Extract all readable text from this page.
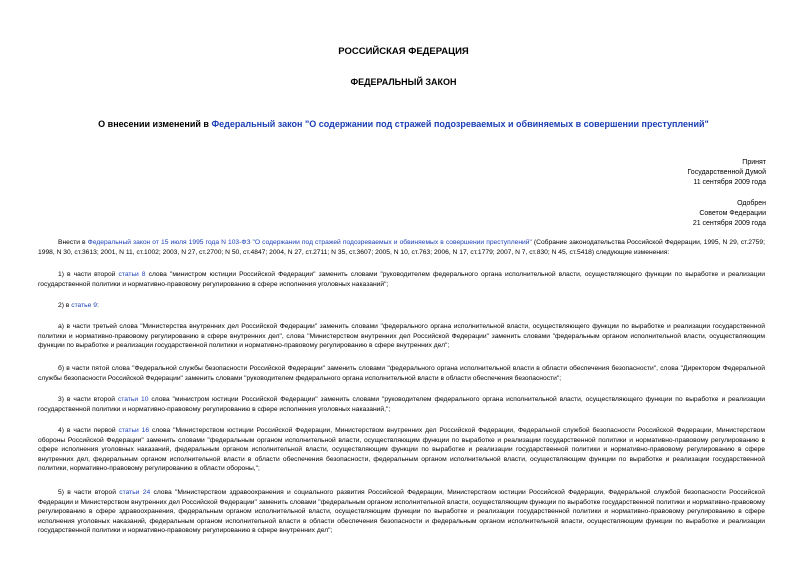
РОССИЙСКАЯ ФЕДЕРАЦИЯ
ФЕДЕРАЛЬНЫЙ ЗАКОН
О внесении изменений в Федеральный закон "О содержании под стражей подозреваемых и обвиняемых в совершении преступлений"
Принят
Государственной Думой
11 сентября 2009 года
Одобрен
Советом Федерации
21 сентября 2009 года
Внести в Федеральный закон от 15 июля 1995 года N 103-ФЗ "О содержании под стражей подозреваемых и обвиняемых в совершении преступлений" (Собрание законодательства Российской Федерации, 1995, N 29, ст.2759; 1998, N 30, ст.3613; 2001, N 11, ст.1002; 2003, N 27, ст.2700; N 50, ст.4847; 2004, N 27, ст.2711; N 35, ст.3607; 2005, N 10, ст.763; 2006, N 17, ст.1779; 2007, N 7, ст.830; N 45, ст.5418) следующие изменения:
1) в части второй статьи 8 слова "министром юстиции Российской Федерации" заменить словами "руководителем федерального органа исполнительной власти, осуществляющего функции по выработке и реализации государственной политики и нормативно-правовому регулированию в сфере исполнения уголовных наказаний";
2) в статье 9:
а) в части третьей слова "Министерства внутренних дел Российской Федерации" заменить словами "федерального органа исполнительной власти, осуществляющего функции по выработке и реализации государственной политики и нормативно-правовому регулированию в сфере внутренних дел", слова "Министерством внутренних дел Российской Федерации" заменить словами "федеральным органом исполнительной власти, осуществляющим функции по выработке и реализации государственной политики и нормативно-правовому регулированию в сфере внутренних дел";
б) в части пятой слова "Федеральной службы безопасности Российской Федерации" заменить словами "федерального органа исполнительной власти в области обеспечения безопасности", слова "Директором Федеральной службы безопасности Российской Федерации" заменить словами "руководителем федерального органа исполнительной власти в области обеспечения безопасности";
3) в части второй статьи 10 слова "министром юстиции Российской Федерации" заменить словами "руководителем федерального органа исполнительной власти, осуществляющего функции по выработке и реализации государственной политики и нормативно-правовому регулированию в сфере исполнения уголовных наказаний,";
4) в части первой статьи 16 слова "Министерством юстиции Российской Федерации, Министерством внутренних дел Российской Федерации, Федеральной службой безопасности Российской Федерации, Министерством обороны Российской Федерации" заменить словами "федеральным органом исполнительной власти, осуществляющим функции по выработке и реализации государственной политики и нормативно-правовому регулированию в сфере исполнения уголовных наказаний, федеральным органом исполнительной власти, осуществляющим функции по выработке и реализации государственной политики и нормативно-правовому регулированию в сфере внутренних дел, федеральным органом исполнительной власти в области обеспечения безопасности, федеральным органом исполнительной власти, осуществляющим функции по выработке и реализации государственной политики, нормативно-правовому регулированию в области обороны,";
5) в части второй статьи 24 слова "Министерством здравоохранения и социального развития Российской Федерации, Министерством юстиции Российской Федерации, Федеральной службой безопасности Российской Федерации и Министерством внутренних дел Российской Федерации" заменить словами "федеральным органом исполнительной власти, осуществляющим функции по выработке государственной политики и нормативно-правовому регулированию в сфере здравоохранения, федеральным органом исполнительной власти, осуществляющим функции по выработке и реализации государственной политики и нормативно-правовому регулированию в сфере исполнения уголовных наказаний, федеральным органом исполнительной власти в области обеспечения безопасности и федеральным органом исполнительной власти, осуществляющим функции по выработке и реализации государственной политики и нормативно-правовому регулированию в сфере внутренних дел";
